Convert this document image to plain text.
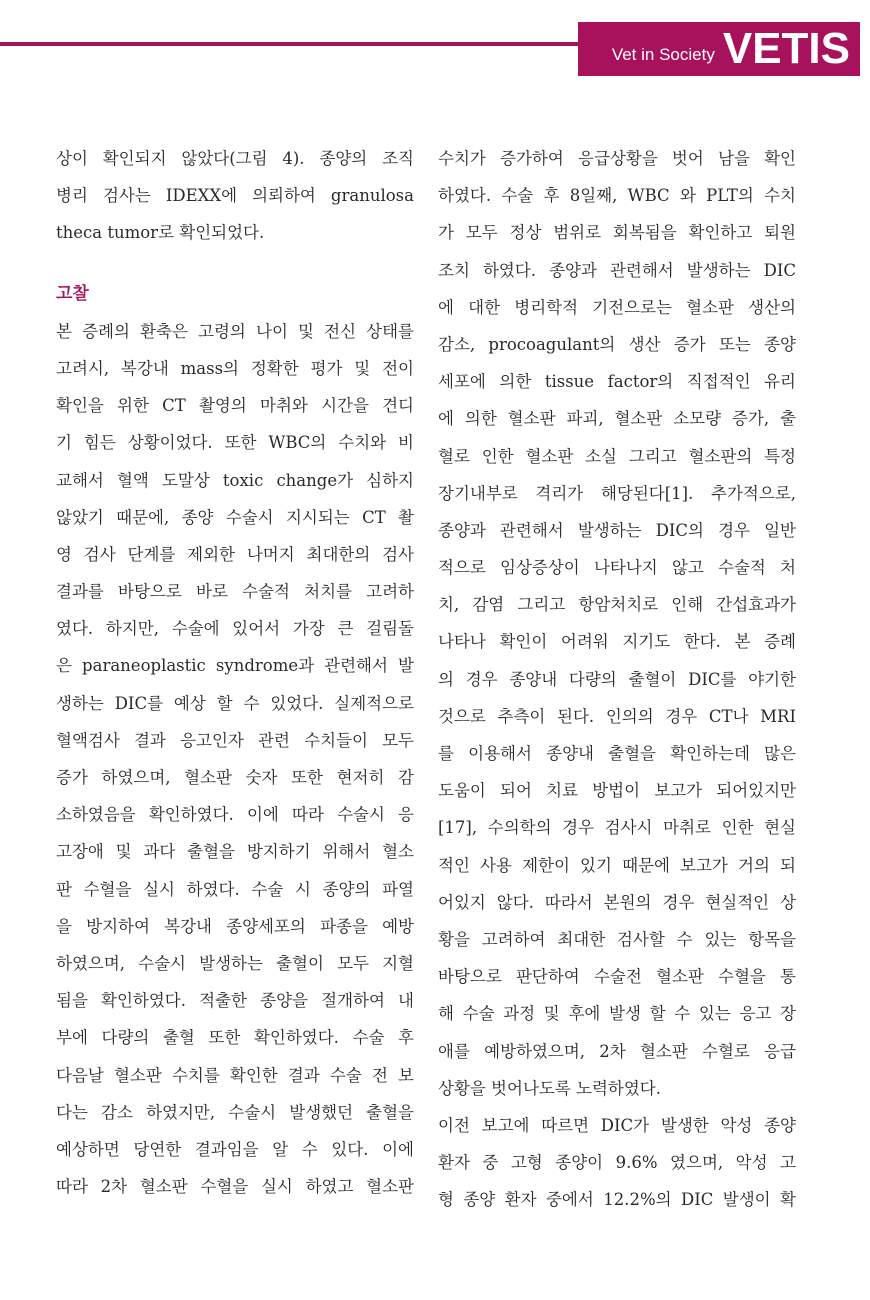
Vet in Society VETIS
상이 확인되지 않았다(그림 4). 종양의 조직
병리 검사는 IDEXX에 의뢰하여 granulosa
theca tumor로 확인되었다.
고찰
본 증례의 환축은 고령의 나이 및 전신 상태를
고려시, 복강내 mass의 정확한 평가 및 전이
확인을 위한 CT 촬영의 마취와 시간을 견디
기 힘든 상황이었다. 또한 WBC의 수치와 비
교해서 혈액 도말상 toxic change가 심하지
않았기 때문에, 종양 수술시 지시되는 CT 촬
영 검사 단계를 제외한 나머지 최대한의 검사
결과를 바탕으로 바로 수술적 처치를 고려하
였다. 하지만, 수술에 있어서 가장 큰 걸림돌
은 paraneoplastic syndrome과 관련해서 발
생하는 DIC를 예상 할 수 있었다. 실제적으로
혈액검사 결과 응고인자 관련 수치들이 모두
증가 하였으며, 혈소판 숫자 또한 현저히 감
소하였음을 확인하였다. 이에 따라 수술시 응
고장애 및 과다 출혈을 방지하기 위해서 혈소
판 수혈을 실시 하였다. 수술 시 종양의 파열
을 방지하여 복강내 종양세포의 파종을 예방
하였으며, 수술시 발생하는 출혈이 모두 지혈
됨을 확인하였다. 적출한 종양을 절개하여 내
부에 다량의 출혈 또한 확인하였다. 수술 후
다음날 혈소판 수치를 확인한 결과 수술 전 보
다는 감소 하였지만, 수술시 발생했던 출혈을
예상하면 당연한 결과임을 알 수 있다. 이에
따라 2차 혈소판 수혈을 실시 하였고 혈소판
수치가 증가하여 응급상황을 벗어 남을 확인
하였다. 수술 후 8일째, WBC 와 PLT의 수치
가 모두 정상 범위로 회복됨을 확인하고 퇴원
조치 하였다. 종양과 관련해서 발생하는 DIC
에 대한 병리학적 기전으로는 혈소판 생산의
감소, procoagulant의 생산 증가 또는 종양
세포에 의한 tissue factor의 직접적인 유리
에 의한 혈소판 파괴, 혈소판 소모량 증가, 출
혈로 인한 혈소판 소실 그리고 혈소판의 특정
장기내부로 격리가 해당된다[1]. 추가적으로,
종양과 관련해서 발생하는 DIC의 경우 일반
적으로 임상증상이 나타나지 않고 수술적 처
치, 감염 그리고 항암처치로 인해 간섭효과가
나타나 확인이 어려워 지기도 한다. 본 증례
의 경우 종양내 다량의 출혈이 DIC를 야기한
것으로 추측이 된다. 인의의 경우 CT나 MRI
를 이용해서 종양내 출혈을 확인하는데 많은
도움이 되어 치료 방법이 보고가 되어있지만
[17], 수의학의 경우 검사시 마취로 인한 현실
적인 사용 제한이 있기 때문에 보고가 거의 되
어있지 않다. 따라서 본원의 경우 현실적인 상
황을 고려하여 최대한 검사할 수 있는 항목을
바탕으로 판단하여 수술전 혈소판 수혈을 통
해 수술 과정 및 후에 발생 할 수 있는 응고 장
애를 예방하였으며, 2차 혈소판 수혈로 응급
상황을 벗어나도록 노력하였다.
이전 보고에 따르면 DIC가 발생한 악성 종양
환자 중 고형 종양이 9.6% 였으며, 악성 고
형 종양 환자 중에서 12.2%의 DIC 발생이 확
